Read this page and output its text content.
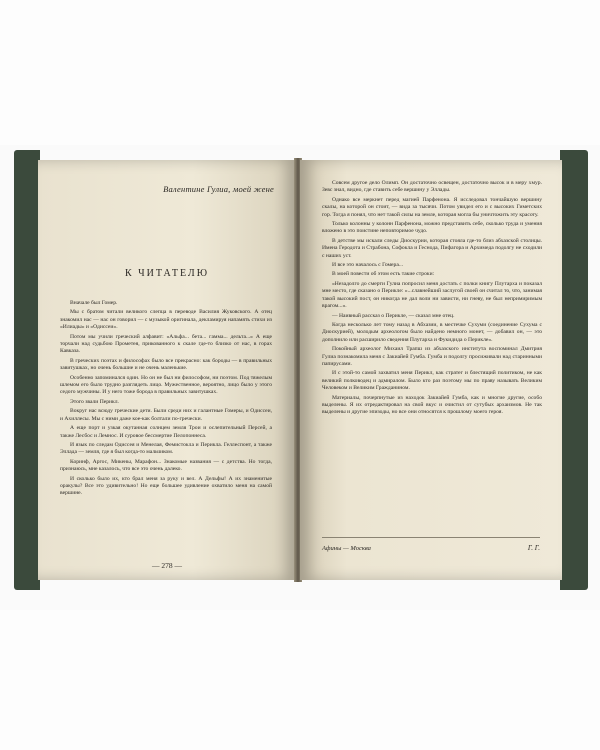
Валентине Гулиа, моей жене
К ЧИТАТЕЛЮ

Вначале был Гомер.

Мы с братом читали великого слепца в переводе Василия Жуковского. А отец знакомил нас — нас он говорил — с музыкой оригинала, декламируя напамять стихи из «Илиады» и «Одиссеи».

Потом мы учили греческий алфавит: «Альфа... бета... гамма... дельта...» А еще торчали над судьбою Прометея, прикованного к скале где-то близко от нас, в горах Кавказа.

В греческих поэтах и философах было все прекрасно: как бороды — в правильных завитушках, но очень большие и не очень маленькие.

Особенно запоминался один. Но он не был ни философом, ни поэтом. Под тяжелым шлемом его было трудно разглядеть лицо. Мужественное, вероятно, лицо было у этого седого мужчины. И у него тоже борода в правильных завитушках.

Этого звали Перикл.

Вокруг нас всюду греческие дети. Были среди них и галантные Гомеры, и Одиссеи, и Ахиллесы. Мы с ними даже кое-как болтали по-гречески.

А еще порт и узкая окутанная солнцем земля Трои и ослепительный Персей, а также Лесбос и Лемнос. И суровое бессмертие Пелопоннеса.

И язык по следам Одиссея и Менелая, Фемистокла и Перикла. Геллеспонт, а также Эллада — земля, где я был когда-то мальчиком.

Коринф, Аргос, Микены, Марафон... Знакомые названия — с детства. Но тогда, признаюсь, мне казалось, что все это очень далеко.

И сколько было их, кто брал меня за руку и вел. А Дельфы! А их знаменитые оракулы? Все это удивительно! Но еще большее удивление охватило меня на самой вершине.

— 278 —

Совсем другое дело Олимп. Он достаточно освещен, достаточно высок и в меру хмур. Зевс знал, видно, где ставить себе вершину у Эллады.

Однако все меркнет перед магией Парфенона. Я исследовал тончайшую вершину скалы, на которой он стоит, — вида за тысячи. Потом увидел его и с высоких Гиметских гор. Тогда я понял, что нет такой силы на земле, которая могла бы уничтожить эту красоту.

Только колонны у колонн Парфенона, можно представить себе, сколько труда и умения вложено в это поистине неповторимое чудо.

В детстве мы искали следы Диоскурии, которая стояла где-то близ абхазской столицы. Имена Геродота и Страбона, Софокла и Геснода, Пифагора и Архимеда подолгу не сходили с наших уст.

И все это началось с Гомера...

В моей повести об этом есть такие строки:

«Незадолго до смерти Гулиа попросил меня достать с полки книгу Плутарха и показал мне место, где сказано о Перикле: «...славнейший заслугой своей он считал то, что, занимая такой высокий пост, он никогда не дал воли ни зависти, ни гневу, не был непримиримым врагом...».

— Наивный рассказ о Перикле, — сказал мне отец.

Когда несколько лет тому назад в Абхазии, в местечке Сухуми (соединение Сухума с Диоскурией), молодым археологом было найдено немного монет, — добавил он, — это дополнило или расширило сведения Плутарха и Фукидида о Перикле».

Покойный археолог Михаил Трапш из абхазского института воспоминал Дмитрия Гулиа познакомила меня с Закиайей Гумба. Гумба и подолгу просиживали над старинными папирусами.

И с этой-то самой захватил меня Перикл, как стратег и блестящий политиком, не как великий полководец и адмиралом. Было кто раз поэтому мы по праву называть Великим Человеком и Великим Гражданином.

Материалы, почерпнутые из находок Закиайей Гумба, как и многие другие, особо выделены. Я их отредактировал на свой вкус и очистил от сутубых архаизмов. Не так выделены и другие эпизоды, но все они относятся к прошлому моего героя.

Афины — Москва	Г. Г.
